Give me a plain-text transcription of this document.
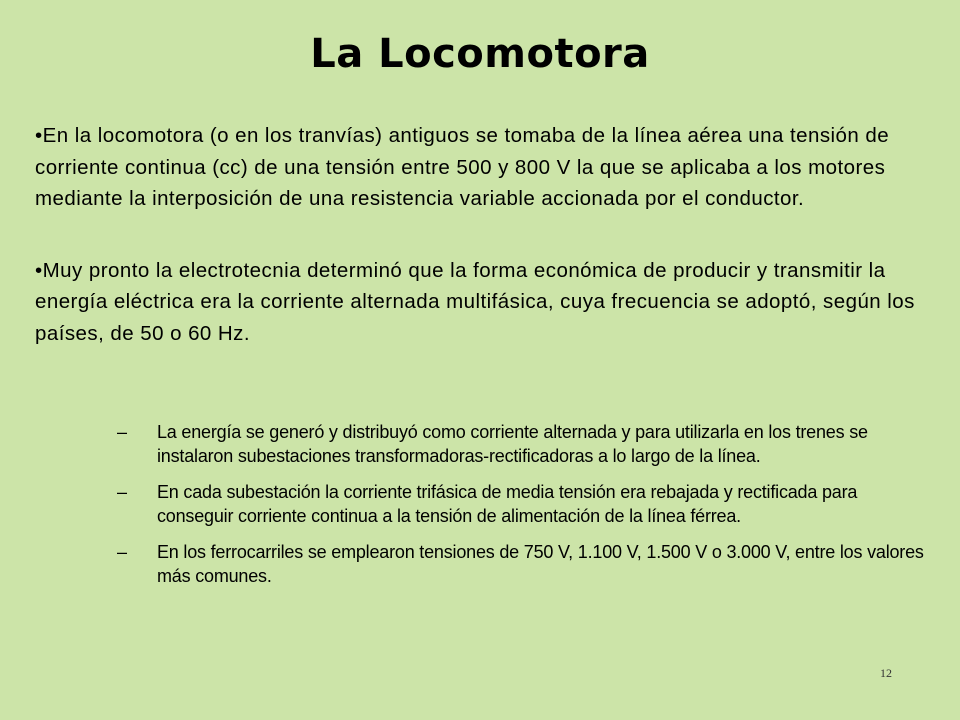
La Locomotora
•En la locomotora (o en los tranvías) antiguos se tomaba de la línea aérea una tensión de corriente continua (cc) de una tensión entre 500 y 800 V la que se aplicaba a los motores mediante la interposición de una resistencia variable accionada por el conductor.
•Muy pronto la electrotecnia determinó que la forma económica de producir y transmitir la energía eléctrica era la corriente alternada multifásica, cuya frecuencia se adoptó, según los países, de 50 o 60 Hz.
– La energía se generó y distribuyó como corriente alternada y para utilizarla en los trenes se instalaron subestaciones transformadoras-rectificadoras a lo largo de la línea.
– En cada subestación la corriente trifásica de media tensión era rebajada y rectificada para conseguir corriente continua a la tensión de alimentación de la línea férrea.
– En los ferrocarriles se emplearon tensiones de 750 V, 1.100 V, 1.500 V o 3.000 V, entre los valores más comunes.
12
